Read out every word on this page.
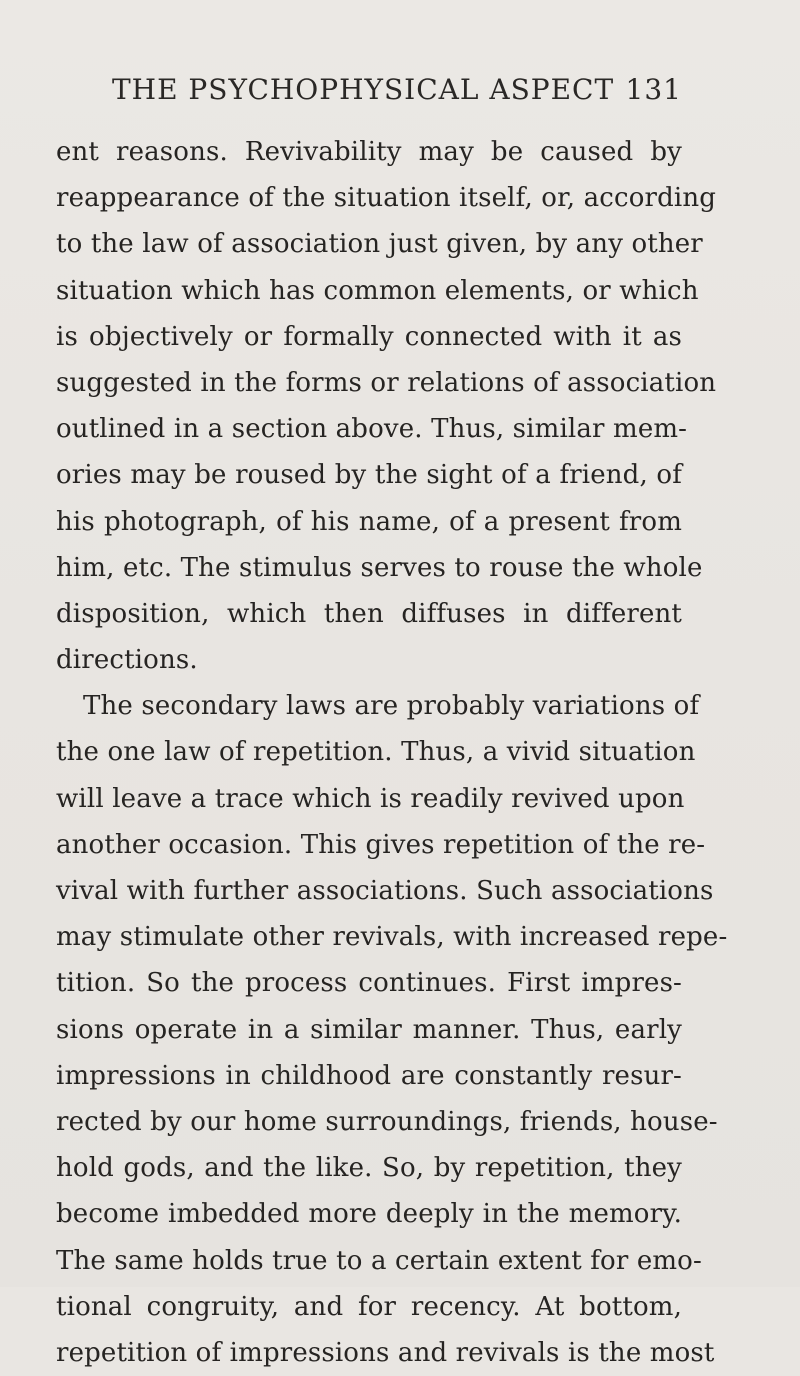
THE PSYCHOPHYSICAL ASPECT 131
ent reasons. Revivability may be caused by
reappearance of the situation itself, or, according
to the law of association just given, by any other
situation which has common elements, or which
is objectively or formally connected with it as
suggested in the forms or relations of association
outlined in a section above. Thus, similar mem-
ories may be roused by the sight of a friend, of
his photograph, of his name, of a present from
him, etc. The stimulus serves to rouse the whole
disposition, which then diffuses in different
directions.
The secondary laws are probably variations of
the one law of repetition. Thus, a vivid situation
will leave a trace which is readily revived upon
another occasion. This gives repetition of the re-
vival with further associations. Such associations
may stimulate other revivals, with increased repe-
tition. So the process continues. First impres-
sions operate in a similar manner. Thus, early
impressions in childhood are constantly resur-
rected by our home surroundings, friends, house-
hold gods, and the like. So, by repetition, they
become imbedded more deeply in the memory.
The same holds true to a certain extent for emo-
tional congruity, and for recency. At bottom,
repetition of impressions and revivals is the most
